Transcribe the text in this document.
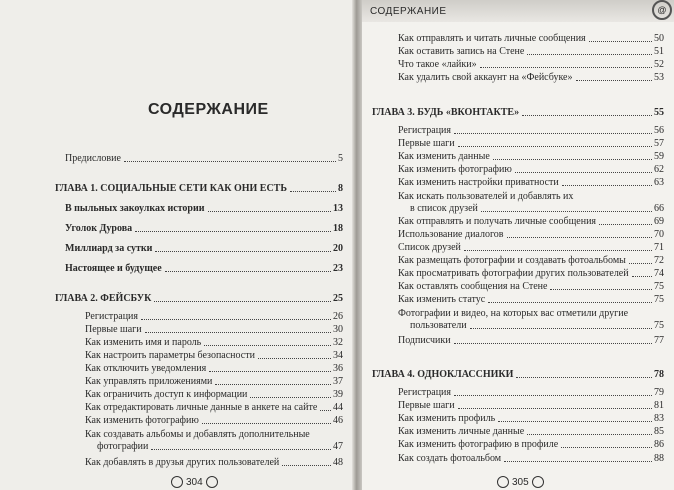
СОДЕРЖАНИЕ	@
СОДЕРЖАНИЕ
Предисловие	5
ГЛАВА 1. СОЦИАЛЬНЫЕ СЕТИ КАК ОНИ ЕСТЬ	8
В пыльных закоулках истории	13
Уголок Дурова	18
Миллиард за сутки	20
Настоящее и будущее	23
ГЛАВА 2. ФЕЙСБУК	25
Регистрация	26
Первые шаги	30
Как изменить имя и пароль	32
Как настроить параметры безопасности	34
Как отключить уведомления	36
Как управлять приложениями	37
Как ограничить доступ к информации	39
Как отредактировать личные данные в анкете на сайте 44
Как изменить фотографию	46
Как создавать альбомы и добавлять дополнительные
фотографии	47
Как добавлять в друзья других пользователей	48
Как отправлять и читать личные сообщения	50
Как оставить запись на Стене	51
Что такое «лайки»	52
Как удалить свой аккаунт на «Фейсбуке»	53
ГЛАВА 3. БУДЬ «ВКОНТАКТЕ»	55
Регистрация	56
Первые шаги	57
Как изменить данные	59
Как изменить фотографию	62
Как изменить настройки приватности	63
Как искать пользователей и добавлять их
в список друзей	66
Как отправлять и получать личные сообщения	69
Использование диалогов	70
Список друзей	71
Как размещать фотографии и создавать фотоальбомы	72
Как просматривать фотографии других пользователей	74
Как оставлять сообщения на Стене	75
Как изменить статус	75
Фотографии и видео, на которых вас отметили другие
пользователи	75
Подписчики	77
ГЛАВА 4. ОДНОКЛАССНИКИ	78
Регистрация	79
Первые шаги	81
Как изменить профиль	83
Как изменить личные данные	85
Как изменить фотографию в профиле	86
Как создать фотоальбом	88
304	305
